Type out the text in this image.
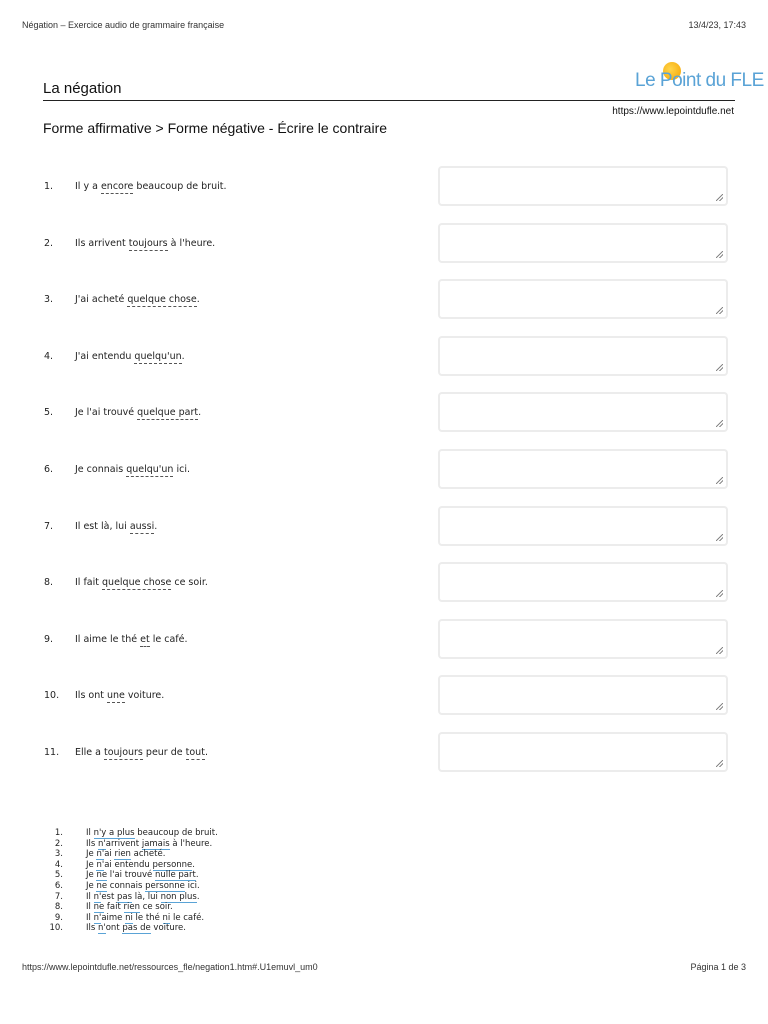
Négation – Exercice audio de grammaire française	13/4/23, 17:43
La négation	Le Point du FLE
https://www.lepointdufle.net
Forme affirmative > Forme négative - Écrire le contraire
1. Il y a encore beaucoup de bruit.
2. Ils arrivent toujours à l'heure.
3. J'ai acheté quelque chose.
4. J'ai entendu quelqu'un.
5. Je l'ai trouvé quelque part.
6. Je connais quelqu'un ici.
7. Il est là, lui aussi.
8. Il fait quelque chose ce soir.
9. Il aime le thé et le café.
10. Ils ont une voiture.
11. Elle a toujours peur de tout.
1.	Il n'y a plus beaucoup de bruit.
2.	Ils n'arrivent jamais à l'heure.
3.	Je n'ai rien acheté.
4.	Je n'ai entendu personne.
5.	Je ne l'ai trouvé nulle part.
6.	Je ne connais personne ici.
7.	Il n'est pas là, lui non plus.
8.	Il ne fait rien ce soir.
9.	Il n'aime ni le thé ni le café.
10.	Ils n'ont pas de voiture.
https://www.lepointdufle.net/ressources_fle/negation1.htm#.U1emuvl_um0	Página 1 de 3
